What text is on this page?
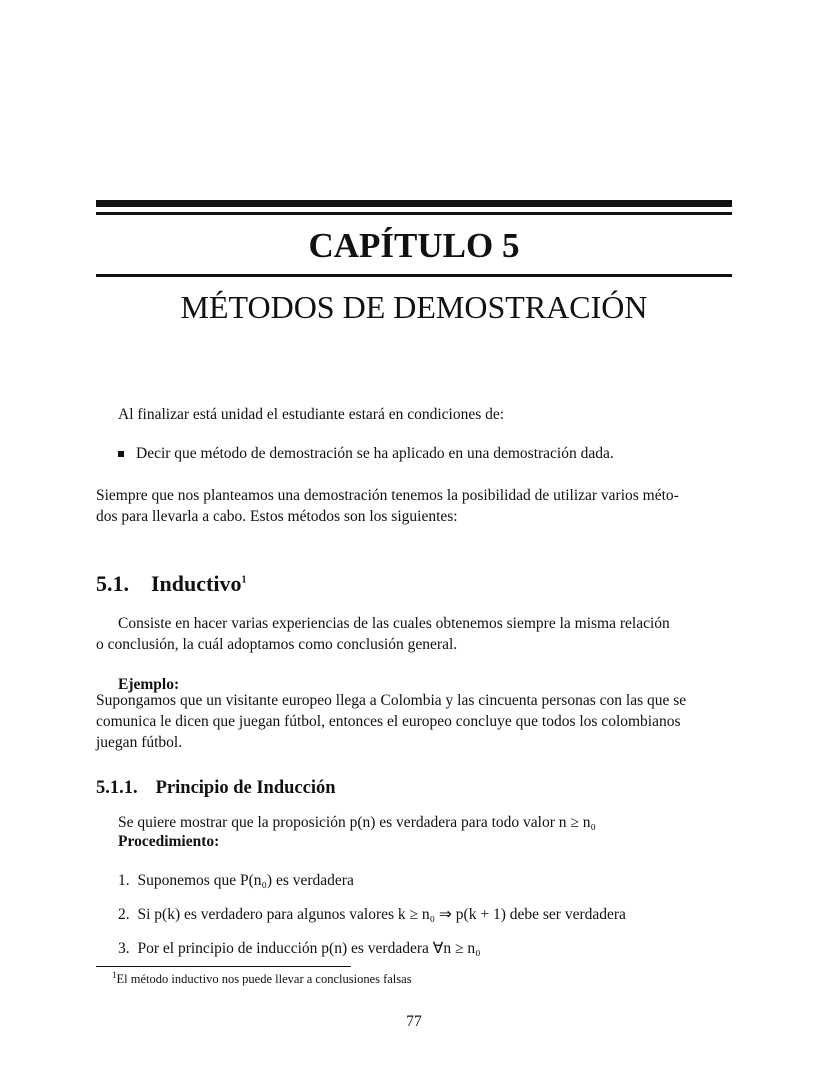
CAPÍTULO 5
MÉTODOS DE DEMOSTRACIÓN
Al finalizar está unidad el estudiante estará en condiciones de:
Decir que método de demostración se ha aplicado en una demostración dada.
Siempre que nos planteamos una demostración tenemos la posibilidad de utilizar varios méto-
dos para llevarla a cabo. Estos métodos son los siguientes:
5.1. Inductivo$^1$
Consiste en hacer varias experiencias de las cuales obtenemos siempre la misma relación
o conclusión, la cuál adoptamos como conclusión general.
Ejemplo:
Supongamos que un visitante europeo llega a Colombia y las cincuenta personas con las que se
comunica le dicen que juegan fútbol, entonces el europeo concluye que todos los colombianos
juegan fútbol.
5.1.1. Principio de Inducción
Se quiere mostrar que la proposición p(n) es verdadera para todo valor n ≥ n₀
Procedimiento:
1. Suponemos que P(n₀) es verdadera
2. Si p(k) es verdadero para algunos valores k ≥ n₀ ⇒ p(k + 1) debe ser verdadera
3. Por el principio de inducción p(n) es verdadera ∀n ≥ n₀
$^1$El método inductivo nos puede llevar a conclusiones falsas
77
